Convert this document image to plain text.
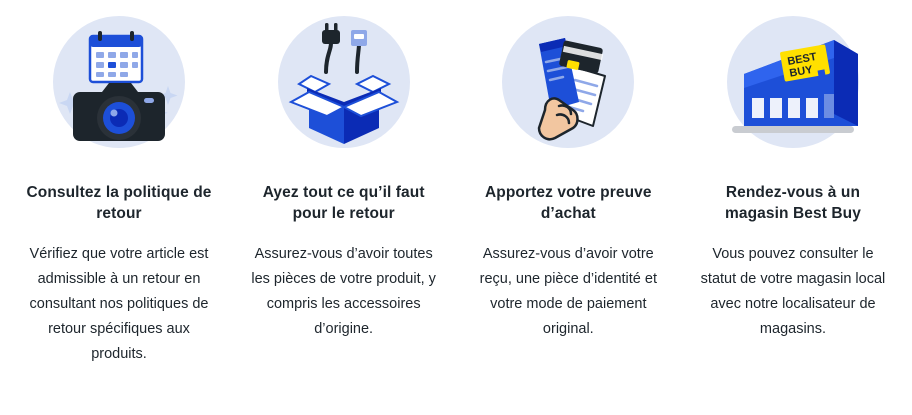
Consultez la politique de retour
Vérifiez que votre article est admissible à un retour en consultant nos politiques de retour spécifiques aux produits.
Ayez tout ce qu’il faut pour le retour
Assurez-vous d’avoir toutes les pièces de votre produit, y compris les accessoires d’origine.
Apportez votre preuve d’achat
Assurez-vous d’avoir votre reçu, une pièce d’identité et votre mode de paiement original.
BEST
BUY
Rendez-vous à un magasin Best Buy
Vous pouvez consulter le statut de votre magasin local avec notre localisateur de magasins.
